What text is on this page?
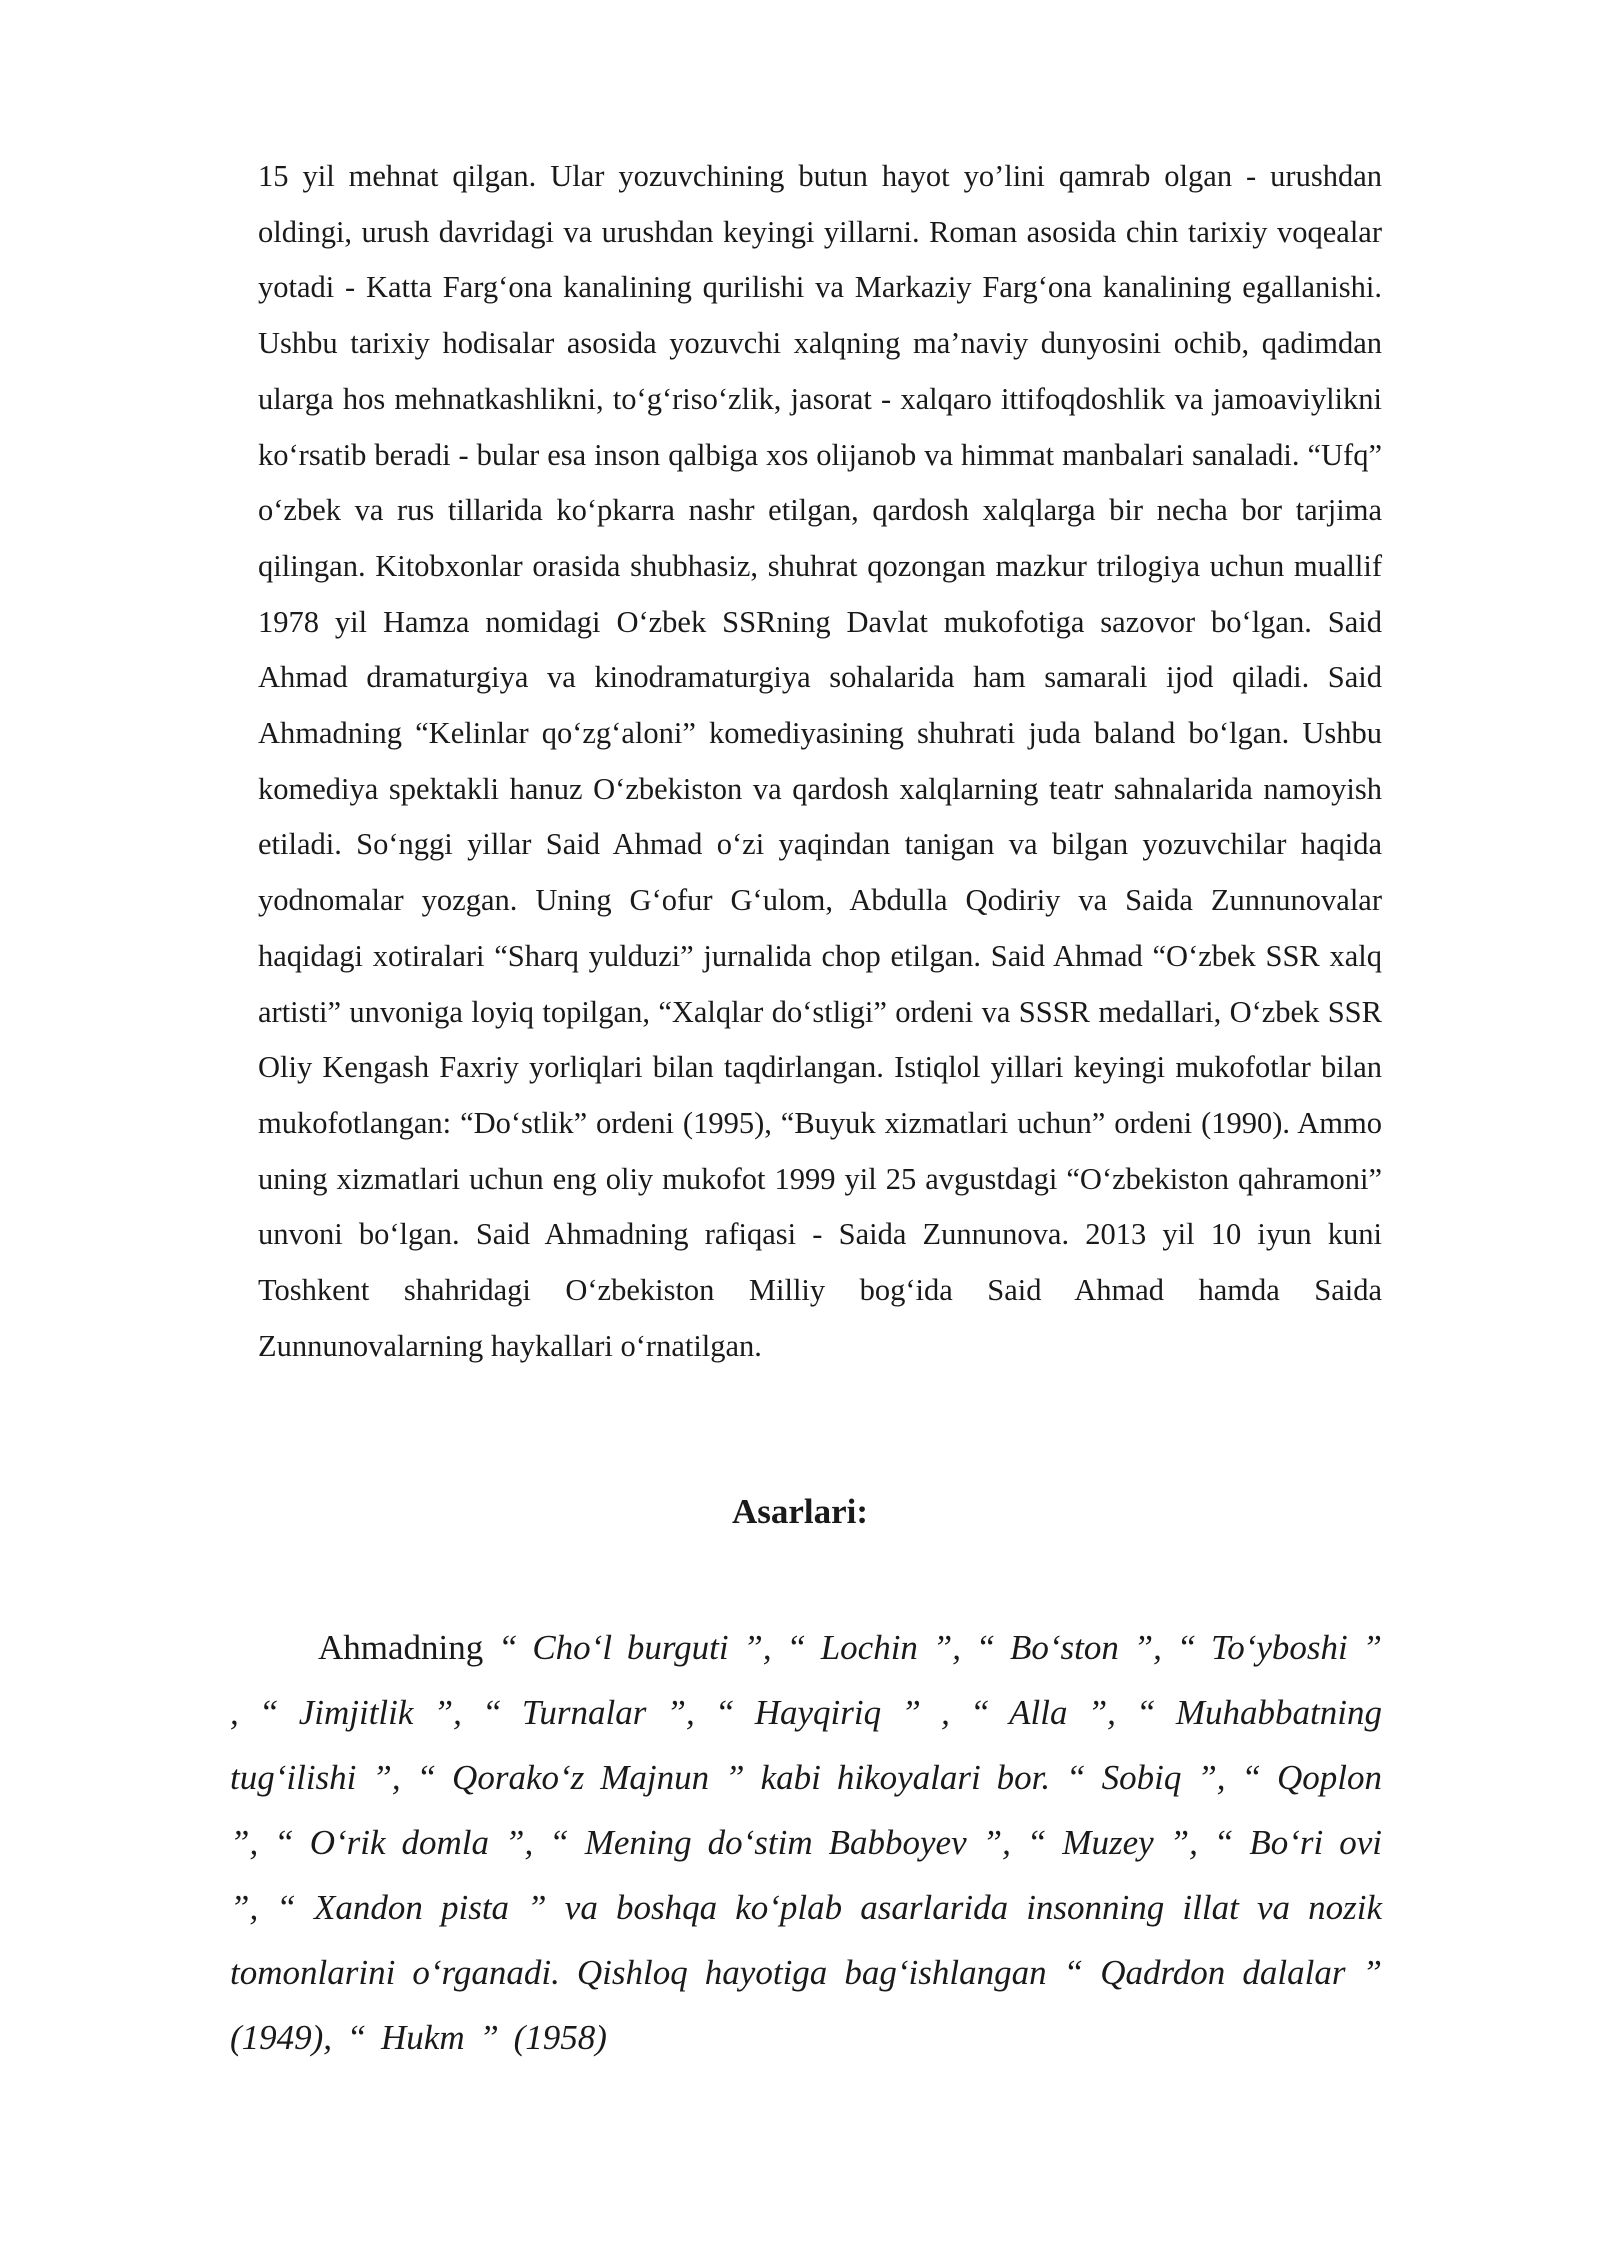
15 yil mehnat qilgan. Ular yozuvchining butun hayot yo’lini qamrab olgan - urushdan oldingi, urush davridagi va urushdan keyingi yillarni. Roman asosida chin tarixiy voqealar yotadi - Katta Farg‘ona kanalining qurilishi va Markaziy Farg‘ona kanalining egallanishi. Ushbu tarixiy hodisalar asosida yozuvchi xalqning ma’naviy dunyosini ochib, qadimdan ularga hos mehnatkashlikni, to‘g‘riso‘zlik, jasorat - xalqaro ittifoqdoshlik va jamoaviylikni ko‘rsatib beradi - bular esa inson qalbiga xos olijanob va himmat manbalari sanaladi. “Ufq” o‘zbek va rus tillarida ko‘pkarra nashr etilgan, qardosh xalqlarga bir necha bor tarjima qilingan. Kitobxonlar orasida shubhasiz, shuhrat qozongan mazkur trilogiya uchun muallif 1978 yil Hamza nomidagi O‘zbek SSRning Davlat mukofotiga sazovor bo‘lgan. Said Ahmad dramaturgiya va kinodramaturgiya sohalarida ham samarali ijod qiladi. Said Ahmadning “Kelinlar qo‘zg‘aloni” komediyasining shuhrati juda baland bo‘lgan. Ushbu komediya spektakli hanuz O‘zbekiston va qardosh xalqlarning teatr sahnalarida namoyish etiladi. So‘nggi yillar Said Ahmad o‘zi yaqindan tanigan va bilgan yozuvchilar haqida yodnomalar yozgan. Uning G‘ofur G‘ulom, Abdulla Qodiriy va Saida Zunnunovalar haqidagi xotiralari “Sharq yulduzi” jurnalida chop etilgan. Said Ahmad “O‘zbek SSR xalq artisti” unvoniga loyiq topilgan, “Xalqlar do‘stligi” ordeni va SSSR medallari, O‘zbek SSR Oliy Kengash Faxriy yorliqlari bilan taqdirlangan. Istiqlol yillari keyingi mukofotlar bilan mukofotlangan: “Do‘stlik” ordeni (1995), “Buyuk xizmatlari uchun” ordeni (1990). Ammo uning xizmatlari uchun eng oliy mukofot 1999 yil 25 avgustdagi “O‘zbekiston qahramoni” unvoni bo‘lgan. Said Ahmadning rafiqasi - Saida Zunnunova. 2013 yil 10 iyun kuni Toshkent shahridagi O‘zbekiston Milliy bog‘ida Said Ahmad hamda Saida Zunnunovalarning haykallari o‘rnatilgan.

Asarlari:

Ahmadning “ Cho‘l burguti ”, “ Lochin ”, “ Bo‘ston ”, “ To‘yboshi ” , “ Jimjitlik ”, “ Turnalar ”, “ Hayqiriq ” , “ Alla ”, “ Muhabbatning tug‘ilishi ”, “ Qorako‘z Majnun ” kabi hikoyalari bor. “ Sobiq ”, “ Qoplon ”, “ O‘rik domla ”, “ Mening do‘stim Babboyev ”, “ Muzey ”, “ Bo‘ri ovi ”, “ Xandon pista ” va boshqa ko‘plab asarlarida insonning illat va nozik tomonlarini o‘rganadi. Qishloq hayotiga bag‘ishlangan “ Qadrdon dalalar ” (1949), “ Hukm ” (1958)
